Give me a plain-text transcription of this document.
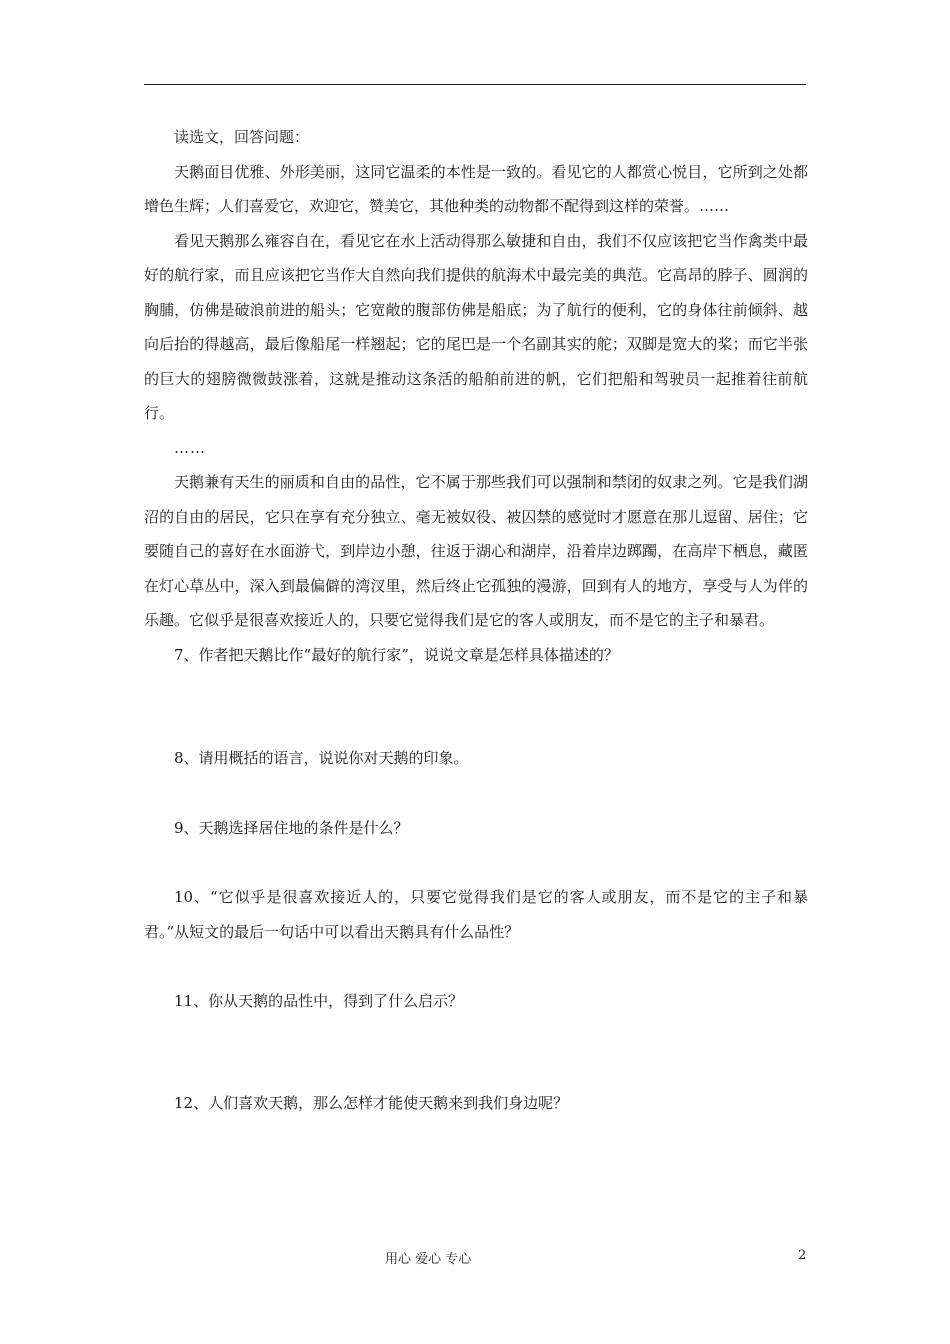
读选文，回答问题：

天鹅面目优雅、外形美丽，这同它温柔的本性是一致的。看见它的人都赏心悦目，它所到之处都增色生辉；人们喜爱它，欢迎它，赞美它，其他种类的动物都不配得到这样的荣誉。……

看见天鹅那么雍容自在，看见它在水上活动得那么敏捷和自由，我们不仅应该把它当作禽类中最好的航行家，而且应该把它当作大自然向我们提供的航海术中最完美的典范。它高昂的脖子、圆润的胸脯，仿佛是破浪前进的船头；它宽敞的腹部仿佛是船底；为了航行的便利，它的身体往前倾斜、越向后抬的得越高，最后像船尾一样翘起；它的尾巴是一个名副其实的舵；双脚是宽大的桨；而它半张的巨大的翅膀微微鼓涨着，这就是推动这条活的船舶前进的帆，它们把船和驾驶员一起推着往前航行。

……

天鹅兼有天生的丽质和自由的品性，它不属于那些我们可以强制和禁闭的奴隶之列。它是我们湖沼的自由的居民，它只在享有充分独立、毫无被奴役、被囚禁的感觉时才愿意在那儿逗留、居住；它要随自己的喜好在水面游弋，到岸边小憩，往返于湖心和湖岸，沿着岸边踯躅，在高岸下栖息，藏匿在灯心草丛中，深入到最偏僻的湾汊里，然后终止它孤独的漫游，回到有人的地方，享受与人为伴的乐趣。它似乎是很喜欢接近人的，只要它觉得我们是它的客人或朋友，而不是它的主子和暴君。

7、作者把天鹅比作“最好的航行家”，说说文章是怎样具体描述的？

8、请用概括的语言，说说你对天鹅的印象。

9、天鹅选择居住地的条件是什么？

10、“它似乎是很喜欢接近人的，只要它觉得我们是它的客人或朋友，而不是它的主子和暴君。”从短文的最后一句话中可以看出天鹅具有什么品性？

11、你从天鹅的品性中，得到了什么启示？

12、人们喜欢天鹅，那么怎样才能使天鹅来到我们身边呢？

用心 爱心 专心	2
